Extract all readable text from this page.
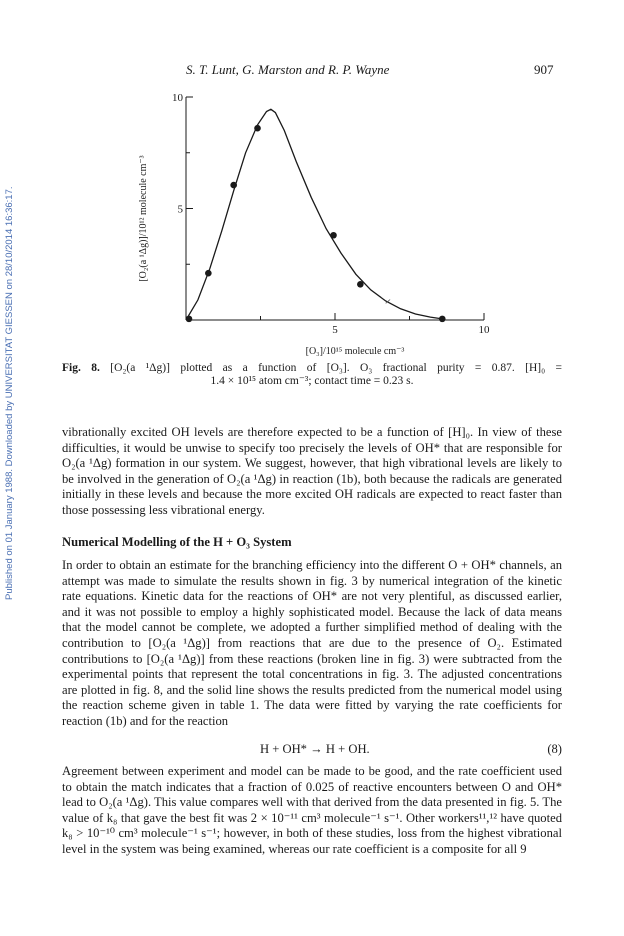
Published on 01 January 1988. Downloaded by UNIVERSITAT GIESSEN on 28/10/2014 16:36:17.
S. T. Lunt, G. Marston and R. P. Wayne	907
5	10
10
5
[O₃]/10¹⁵ molecule cm⁻³
[O₂(a ¹Δg)]/10¹² molecule cm⁻³
Fig. 8. [O₂(a ¹Δg)] plotted as a function of [O₃]. O₃ fractional purity = 0.87. [H]₀ =
1.4 × 10¹⁵ atom cm⁻³; contact time = 0.23 s.

vibrationally excited OH levels are therefore expected to be a function of [H]₀. In view of these difficulties, it would be unwise to specify too precisely the levels of OH* that are responsible for O₂(a ¹Δg) formation in our system. We suggest, however, that high vibrational levels are likely to be involved in the generation of O₂(a ¹Δg) in reaction (1b), both because the radicals are generated initially in these levels and because the more excited OH radicals are expected to react faster than those possessing less vibrational energy.

Numerical Modelling of the H + O₃ System

In order to obtain an estimate for the branching efficiency into the different O + OH* channels, an attempt was made to simulate the results shown in fig. 3 by numerical integration of the kinetic rate equations. Kinetic data for the reactions of OH* are not very plentiful, as discussed earlier, and it was not possible to employ a highly sophisticated model. Because the lack of data means that the model cannot be complete, we adopted a further simplified method of dealing with the contribution to [O₂(a ¹Δg)] from reactions that are due to the presence of O₂. Estimated contributions to [O₂(a ¹Δg)] from these reactions (broken line in fig. 3) were subtracted from the experimental points that represent the total concentrations in fig. 3. The adjusted concentrations are plotted in fig. 8, and the solid line shows the results predicted from the numerical model using the reaction scheme given in table 1. The data were fitted by varying the rate coefficients for reaction (1b) and for the reaction

H + OH* → H + OH.	(8)

Agreement between experiment and model can be made to be good, and the rate coefficient used to obtain the match indicates that a fraction of 0.025 of reactive encounters between O and OH* lead to O₂(a ¹Δg). This value compares well with that derived from the data presented in fig. 5. The value of k₈ that gave the best fit was 2 × 10⁻¹¹ cm³ molecule⁻¹ s⁻¹. Other workers¹¹,¹² have quoted k₈ > 10⁻¹⁰ cm³ molecule⁻¹ s⁻¹; however, in both of these studies, loss from the highest vibrational level in the system was being examined, whereas our rate coefficient is a composite for all 9
